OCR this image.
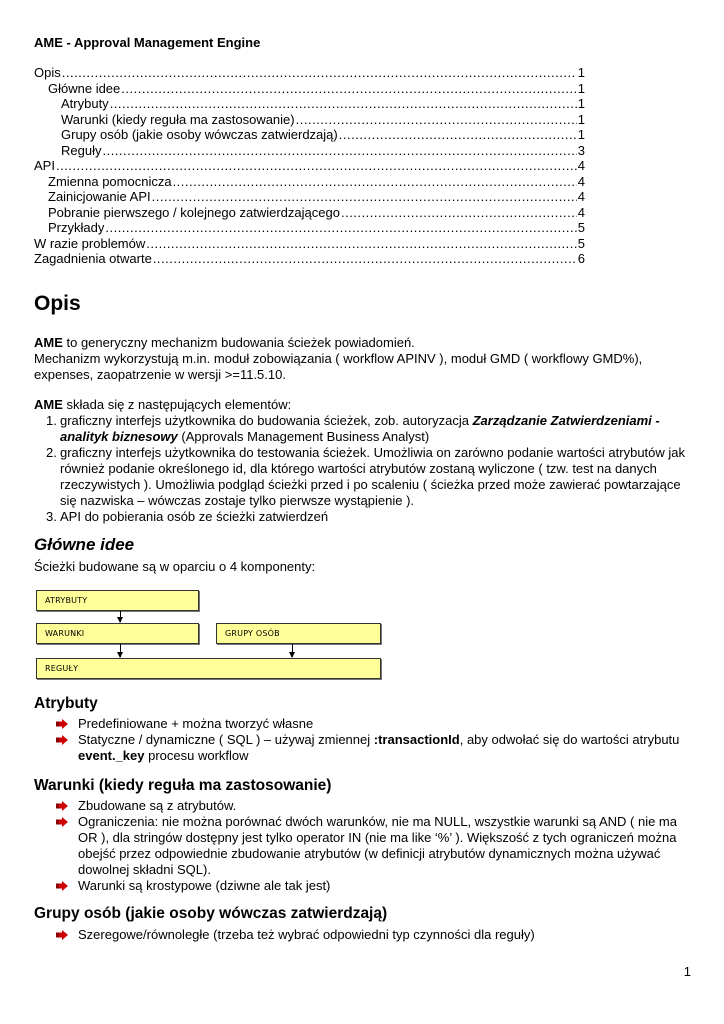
AME - Approval Management Engine
Opis .....	1
Główne idee .....	1
Atrybuty .....	1
Warunki (kiedy reguła ma zastosowanie) .....	1
Grupy osób (jakie osoby wówczas zatwierdzają) .....	1
Reguły .....	3
API .....	4
Zmienna pomocnicza .....	4
Zainicjowanie API .....	4
Pobranie pierwszego / kolejnego zatwierdzającego .....	4
Przykłady .....	5
W razie problemów .....	5
Zagadnienia otwarte .....	6
Opis
AME to generyczny mechanizm budowania ścieżek powiadomień.
Mechanizm wykorzystują m.in. moduł zobowiązania ( workflow APINV ), moduł GMD ( workflowy GMD%), expenses, zaopatrzenie w wersji >=11.5.10.
AME składa się z następujących elementów:
1. graficzny interfejs użytkownika do budowania ścieżek, zob. autoryzacja Zarządzanie Zatwierdzeniami - analityk biznesowy (Approvals Management Business Analyst)
2. graficzny interfejs użytkownika do testowania ścieżek. Umożliwia on zarówno podanie wartości atrybutów jak również podanie określonego id, dla którego wartości atrybutów zostaną wyliczone ( tzw. test na danych rzeczywistych ). Umożliwia podgląd ścieżki przed i po scaleniu ( ścieżka przed może zawierać powtarzające się nazwiska – wówczas zostaje tylko pierwsze wystąpienie ).
3. API do pobierania osób ze ścieżki zatwierdzeń
Główne idee
Ścieżki budowane są w oparciu o 4 komponenty:
ATRYBUTY
WARUNKI	GRUPY OSÓB
REGUŁY
Atrybuty
Predefiniowane + można tworzyć własne
Statyczne / dynamiczne ( SQL ) – używaj zmiennej :transactionId, aby odwołać się do wartości atrybutu event._key procesu workflow
Warunki (kiedy reguła ma zastosowanie)
Zbudowane są z atrybutów.
Ograniczenia: nie można porównać dwóch warunków, nie ma NULL, wszystkie warunki są AND ( nie ma OR ), dla stringów dostępny jest tylko operator IN (nie ma like ‘%’ ). Większość z tych ograniczeń można obejść przez odpowiednie zbudowanie atrybutów (w definicji atrybutów dynamicznych można używać dowolnej składni SQL).
Warunki są krostypowe (dziwne ale tak jest)
Grupy osób (jakie osoby wówczas zatwierdzają)
Szeregowe/równoległe (trzeba też wybrać odpowiedni typ czynności dla reguły)
1
